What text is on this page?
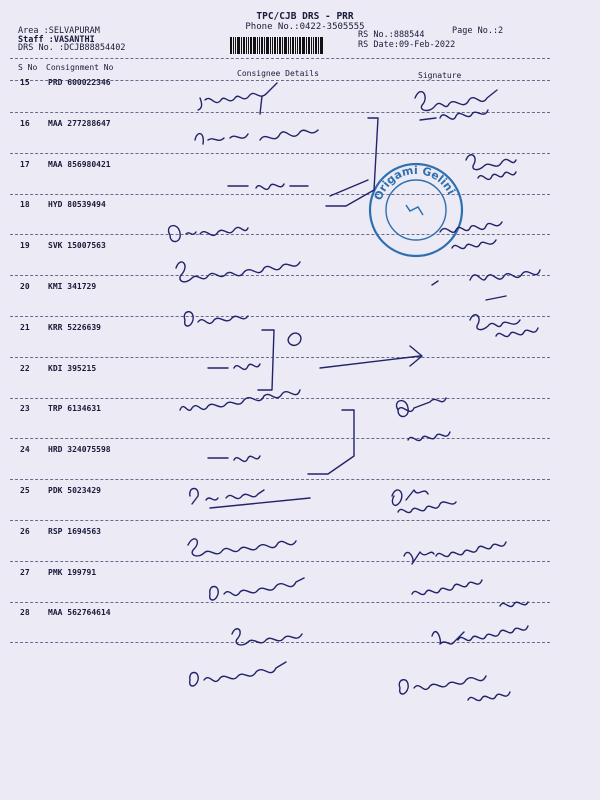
Area :SELVAPURAM
Staff :VASANTHI
DRS No. :DCJB88854402
TPC/CJB DRS - PRR
Phone No.:0422-3505555	Page No.:2
RS No.:888544
RS Date:09-Feb-2022
S No Consignment No
Consignee Details	Signature
15 PRD 600022346
16 MAA 277288647
17 MAA 856980421
18 HYD 80539494
19 SVK 15007563
20 KMI 341729
21 KRR 5226639
22 KDI 395215
23 TRP 6134631
24 HRD 324075598
25 PDK 5023429
26 RSP 1694563
27 PMK 199791
28 MAA 562764614
Origami Gelini
